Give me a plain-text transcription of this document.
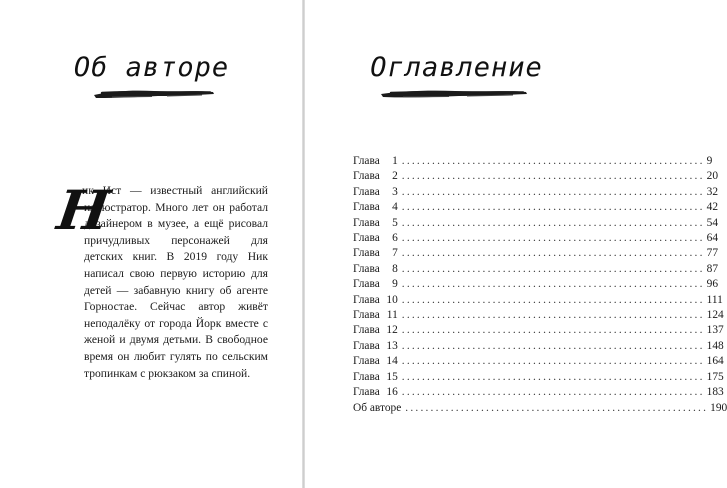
Об авторе
Н

ик Ист — известный английский иллюстратор. Много лет он работал дизайнером в музее, а ещё рисовал причудливых персонажей для детских книг. В 2019 году Ник написал свою первую историю для детей — забавную книгу об агенте Горностае. Сейчас автор живёт неподалёку от города Йорк вместе с женой и двумя детьми. В свободное время он любит гулять по сельским тропинкам с рюкзаком за спиной.

Оглавление
Глава	1 ............................................................ 9
Глава	2 ............................................................ 20
Глава	3 ............................................................ 32
Глава	4 ............................................................ 42
Глава	5 ............................................................ 54
Глава	6 ............................................................ 64
Глава	7 ............................................................ 77
Глава	8 ............................................................ 87
Глава	9 ............................................................ 96
Глава 10 ............................................................ 111
Глава 11 ............................................................ 124
Глава 12 ............................................................ 137
Глава 13 ............................................................ 148
Глава 14 ............................................................ 164
Глава 15 ............................................................ 175
Глава 16 ............................................................ 183
Об авторе ............................................................ 190
